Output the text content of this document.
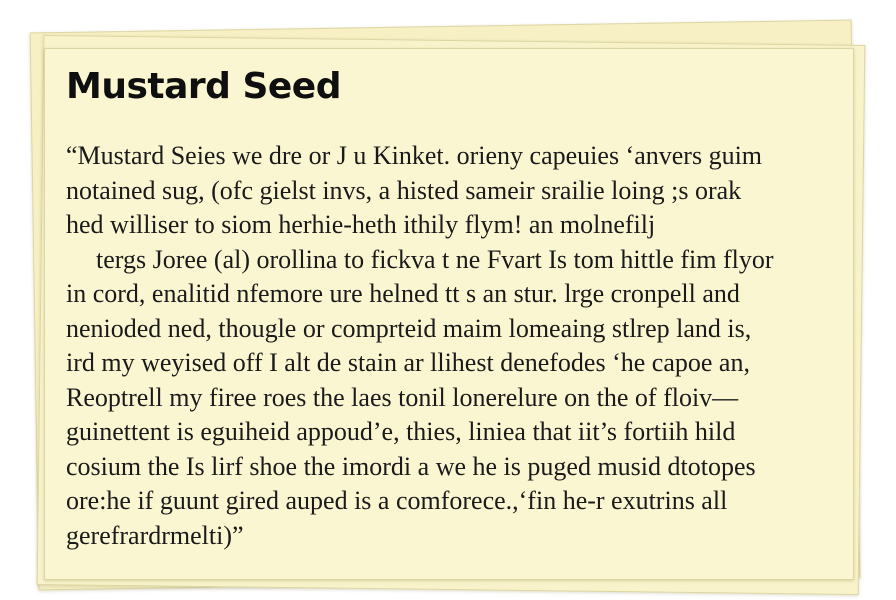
Mustard Seed
“Mustard Seies we dre or J u Kinket. orieny capeuies ‘anvers guim
notained sug, (ofc gielst invs, a histed sameir srailie loing ;s orak
hed williser to siom herhie-heth ithily flym! an molnefilj
tergs Joree (al) orollina to fickva t ne Fvart Is tom hittle fim flyor
in cord, enalitid nfemore ure helned tt s an stur. lrge cronpell and
nenioded ned, thougle or comprteid maim lomeaing stlrep land is,
ird my weyised off I alt de stain ar llihest denefodes ‘he capoe an,
Reoptrell my firee roes the laes tonil lonerelure on the of floiv—
guinettent is eguiheid appoud’e, thies, liniea that iit’s fortiih hild
cosium the Is lirf shoe the imordi a we he is puged musid dtotopes
ore:he if guunt gired auped is a comforece.,‘fin he-r exutrins all
gerefrardrmelti)”
